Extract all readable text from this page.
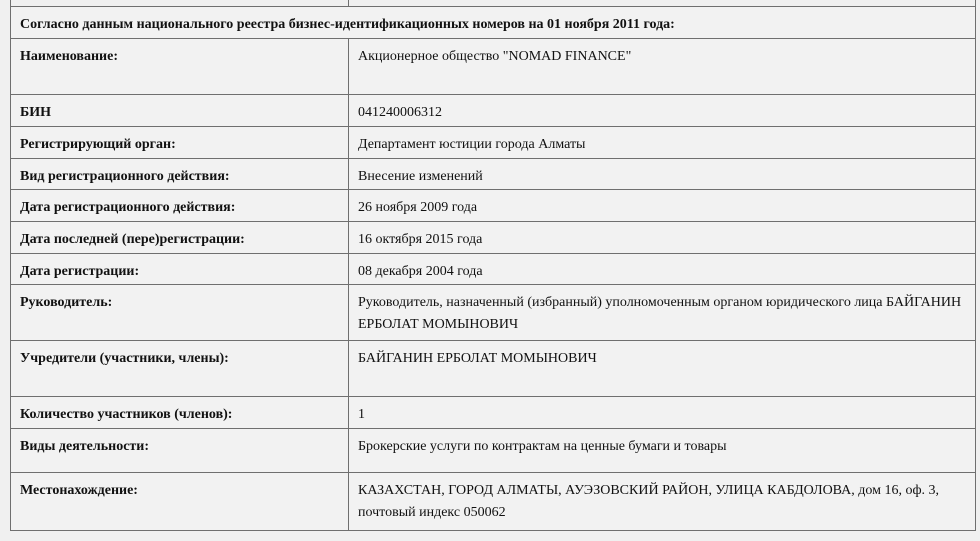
Согласно данным национального реестра бизнес-идентификационных номеров на 01 ноября 2011 года:	
Наименование:	Акционерное общество "NOMAD FINANCE"
БИН	041240006312
Регистрирующий орган:	Департамент юстиции города Алматы
Вид регистрационного действия:	Внесение изменений
Дата регистрационного действия:	26 ноября 2009 года
Дата последней (пере)регистрации:	16 октября 2015 года
Дата регистрации:	08 декабря 2004 года
Руководитель:	Руководитель, назначенный (избранный) уполномоченным органом юридического лица БАЙГАНИН ЕРБОЛАТ МОМЫНОВИЧ
Учредители (участники, члены):	БАЙГАНИН ЕРБОЛАТ МОМЫНОВИЧ
Количество участников (членов):	1
Виды деятельности:	Брокерские услуги по контрактам на ценные бумаги и товары
Местонахождение:	КАЗАХСТАН, ГОРОД АЛМАТЫ, АУЭЗОВСКИЙ РАЙОН, УЛИЦА КАБДОЛОВА, дом 16, оф. 3, почтовый индекс 050062
